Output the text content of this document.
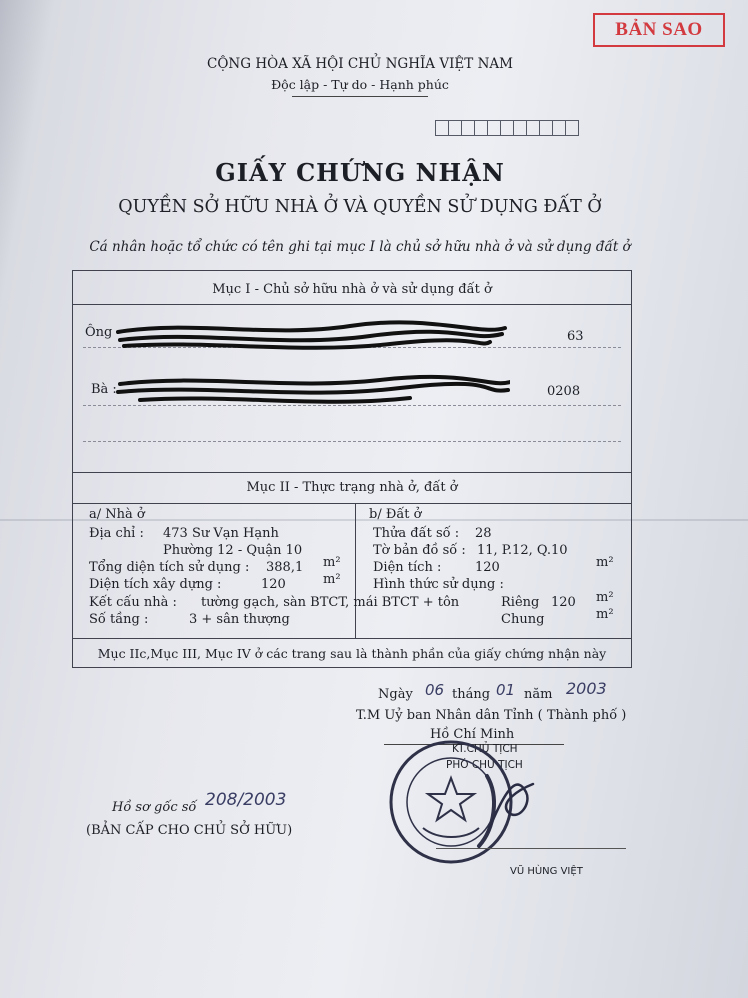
BẢN SAO
CỘNG HÒA XÃ HỘI CHỦ NGHĨA VIỆT NAM
Độc lập - Tự do - Hạnh phúc
GIẤY CHỨNG NHẬN
QUYỀN SỞ HỮU NHÀ Ở VÀ QUYỀN SỬ DỤNG ĐẤT Ở
Cá nhân hoặc tổ chức có tên ghi tại mục I là chủ sở hữu nhà ở và sử dụng đất ở
Mục I - Chủ sở hữu nhà ở và sử dụng đất ở
Ông	63
Bà :	0208
Mục II - Thực trạng nhà ở, đất ở
a/ Nhà ở
Địa chỉ : 473 Sư Vạn Hạnh
Phường 12 - Quận 10
Tổng diện tích sử dụng : 388,1 m²
Diện tích xây dựng :	120	m²
Kết cấu nhà : tường gạch, sàn BTCT, mái BTCT + tôn
Số tầng :	3 + sân thượng
b/ Đất ở
Thửa đất số : 28
Tờ bản đồ số : 11, P.12, Q.10
Diện tích :	120	m²
Hình thức sử dụng :
Riêng 120 m²
Chung	m²
Mục IIc,Mục III, Mục IV ở các trang sau là thành phần của giấy chứng nhận này
Ngày 06 tháng 01 năm 2003
T.M Uỷ ban Nhân dân Tỉnh ( Thành phố )
Hồ Chí Minh
KT.CHỦ TỊCH
PHÓ CHỦ TỊCH
VŨ HÙNG VIỆT
Hồ sơ gốc số 208/2003
(BẢN CẤP CHO CHỦ SỞ HỮU)
